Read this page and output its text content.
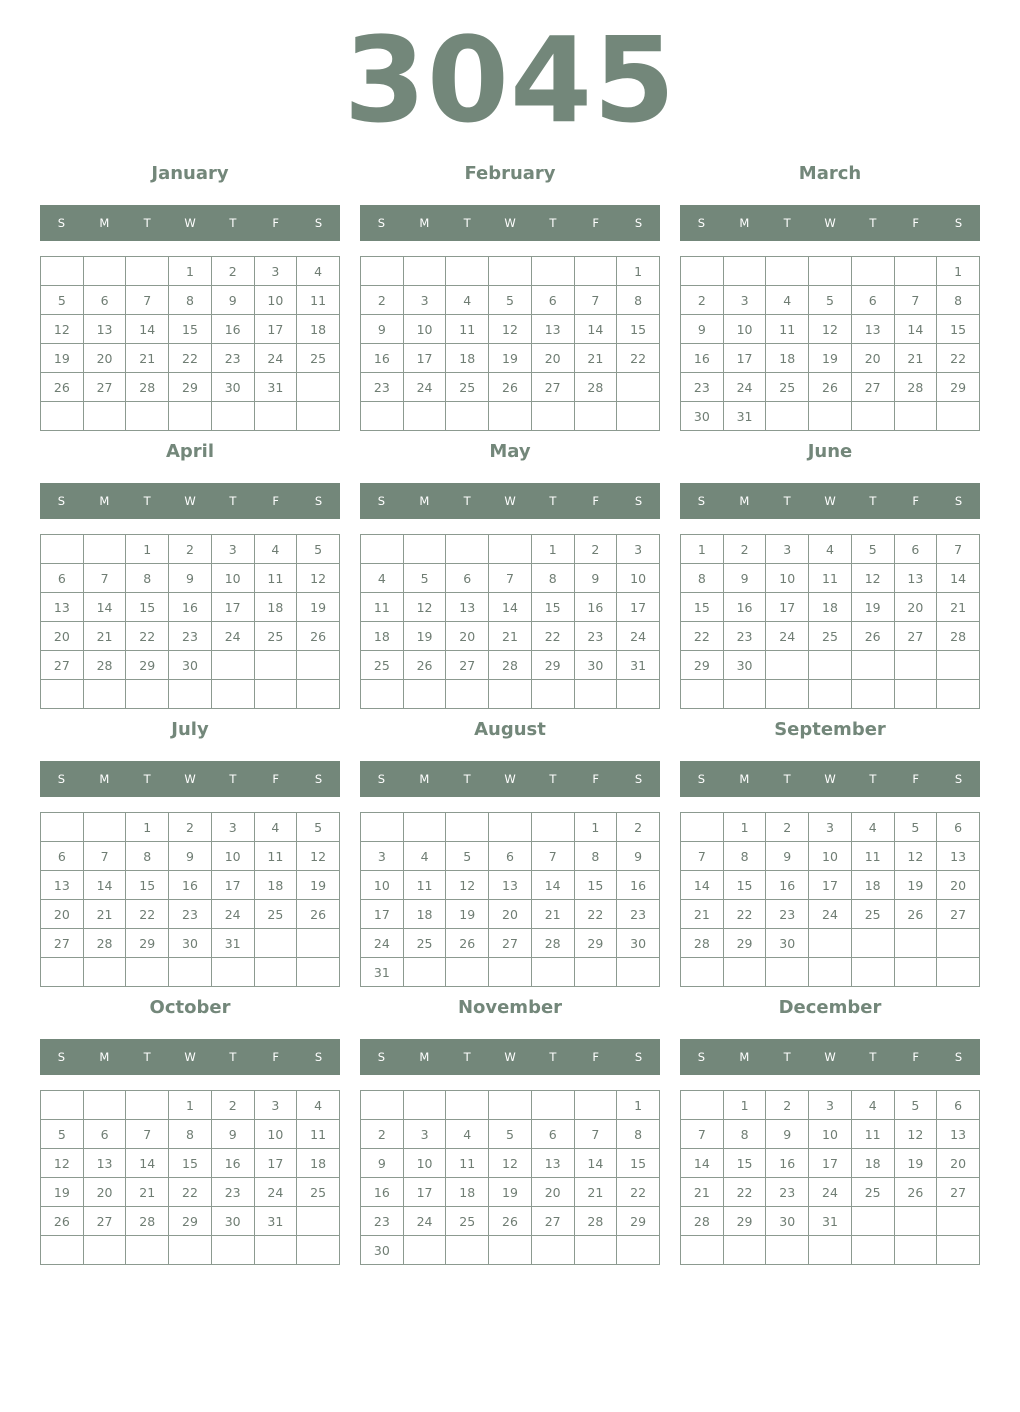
3045
January
S	M	T	W	T	F	S
			1	2	3	4
5	6	7	8	9	10	11
12	13	14	15	16	17	18
19	20	21	22	23	24	25
26	27	28	29	30	31	

February
S	M	T	W	T	F	S
						1
2	3	4	5	6	7	8
9	10	11	12	13	14	15
16	17	18	19	20	21	22
23	24	25	26	27	28	

March
S	M	T	W	T	F	S
						1
2	3	4	5	6	7	8
9	10	11	12	13	14	15
16	17	18	19	20	21	22
23	24	25	26	27	28	29
30	31					
April
S	M	T	W	T	F	S
		1	2	3	4	5
6	7	8	9	10	11	12
13	14	15	16	17	18	19
20	21	22	23	24	25	26
27	28	29	30			

May
S	M	T	W	T	F	S
				1	2	3
4	5	6	7	8	9	10
11	12	13	14	15	16	17
18	19	20	21	22	23	24
25	26	27	28	29	30	31

June
S	M	T	W	T	F	S
1	2	3	4	5	6	7
8	9	10	11	12	13	14
15	16	17	18	19	20	21
22	23	24	25	26	27	28
29	30					

July
S	M	T	W	T	F	S
		1	2	3	4	5
6	7	8	9	10	11	12
13	14	15	16	17	18	19
20	21	22	23	24	25	26
27	28	29	30	31		

August
S	M	T	W	T	F	S
					1	2
3	4	5	6	7	8	9
10	11	12	13	14	15	16
17	18	19	20	21	22	23
24	25	26	27	28	29	30
31						
September
S	M	T	W	T	F	S
	1	2	3	4	5	6
7	8	9	10	11	12	13
14	15	16	17	18	19	20
21	22	23	24	25	26	27
28	29	30				

October
S	M	T	W	T	F	S
			1	2	3	4
5	6	7	8	9	10	11
12	13	14	15	16	17	18
19	20	21	22	23	24	25
26	27	28	29	30	31	

November
S	M	T	W	T	F	S
						1
2	3	4	5	6	7	8
9	10	11	12	13	14	15
16	17	18	19	20	21	22
23	24	25	26	27	28	29
30						
December
S	M	T	W	T	F	S
	1	2	3	4	5	6
7	8	9	10	11	12	13
14	15	16	17	18	19	20
21	22	23	24	25	26	27
28	29	30	31			
